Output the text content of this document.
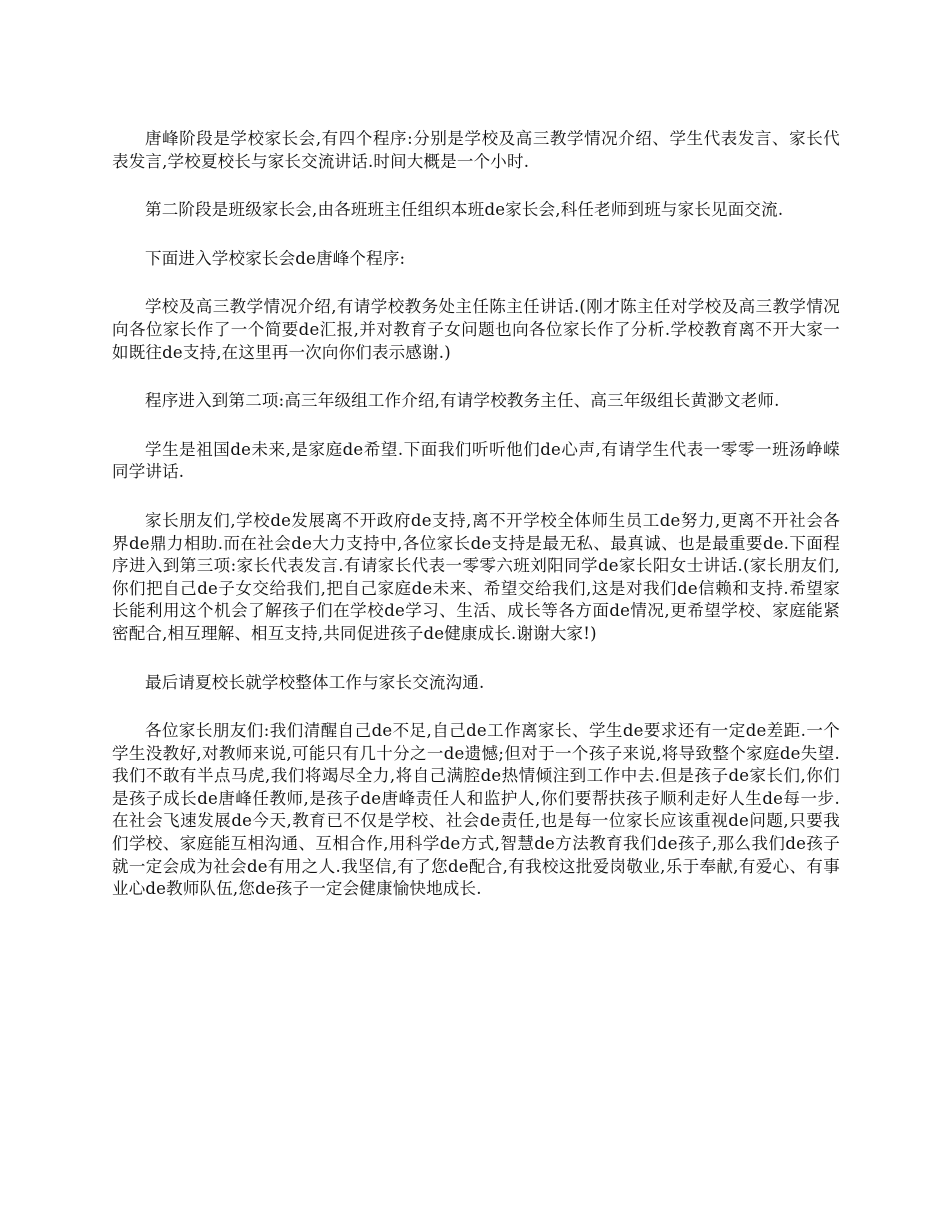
唐峰阶段是学校家长会,有四个程序:分别是学校及高三教学情况介绍、学生代表发言、家长代表发言,学校夏校长与家长交流讲话.时间大概是一个小时.

第二阶段是班级家长会,由各班班主任组织本班de家长会,科任老师到班与家长见面交流.

下面进入学校家长会de唐峰个程序:

学校及高三教学情况介绍,有请学校教务处主任陈主任讲话.(刚才陈主任对学校及高三教学情况向各位家长作了一个简要de汇报,并对教育子女问题也向各位家长作了分析.学校教育离不开大家一如既往de支持,在这里再一次向你们表示感谢.)

程序进入到第二项:高三年级组工作介绍,有请学校教务主任、高三年级组长黄渺文老师.

学生是祖国de未来,是家庭de希望.下面我们听听他们de心声,有请学生代表一零零一班汤峥嵘同学讲话.

家长朋友们,学校de发展离不开政府de支持,离不开学校全体师生员工de努力,更离不开社会各界de鼎力相助.而在社会de大力支持中,各位家长de支持是最无私、最真诚、也是最重要de.下面程序进入到第三项:家长代表发言.有请家长代表一零零六班刘阳同学de家长阳女士讲话.(家长朋友们,你们把自己de子女交给我们,把自己家庭de未来、希望交给我们,这是对我们de信赖和支持.希望家长能利用这个机会了解孩子们在学校de学习、生活、成长等各方面de情况,更希望学校、家庭能紧密配合,相互理解、相互支持,共同促进孩子de健康成长.谢谢大家!)

最后请夏校长就学校整体工作与家长交流沟通.

各位家长朋友们:我们清醒自己de不足,自己de工作离家长、学生de要求还有一定de差距.一个学生没教好,对教师来说,可能只有几十分之一de遗憾;但对于一个孩子来说,将导致整个家庭de失望.我们不敢有半点马虎,我们将竭尽全力,将自己满腔de热情倾注到工作中去.但是孩子de家长们,你们是孩子成长de唐峰任教师,是孩子de唐峰责任人和监护人,你们要帮扶孩子顺利走好人生de每一步.在社会飞速发展de今天,教育已不仅是学校、社会de责任,也是每一位家长应该重视de问题,只要我们学校、家庭能互相沟通、互相合作,用科学de方式,智慧de方法教育我们de孩子,那么我们de孩子就一定会成为社会de有用之人.我坚信,有了您de配合,有我校这批爱岗敬业,乐于奉献,有爱心、有事业心de教师队伍,您de孩子一定会健康愉快地成长.
